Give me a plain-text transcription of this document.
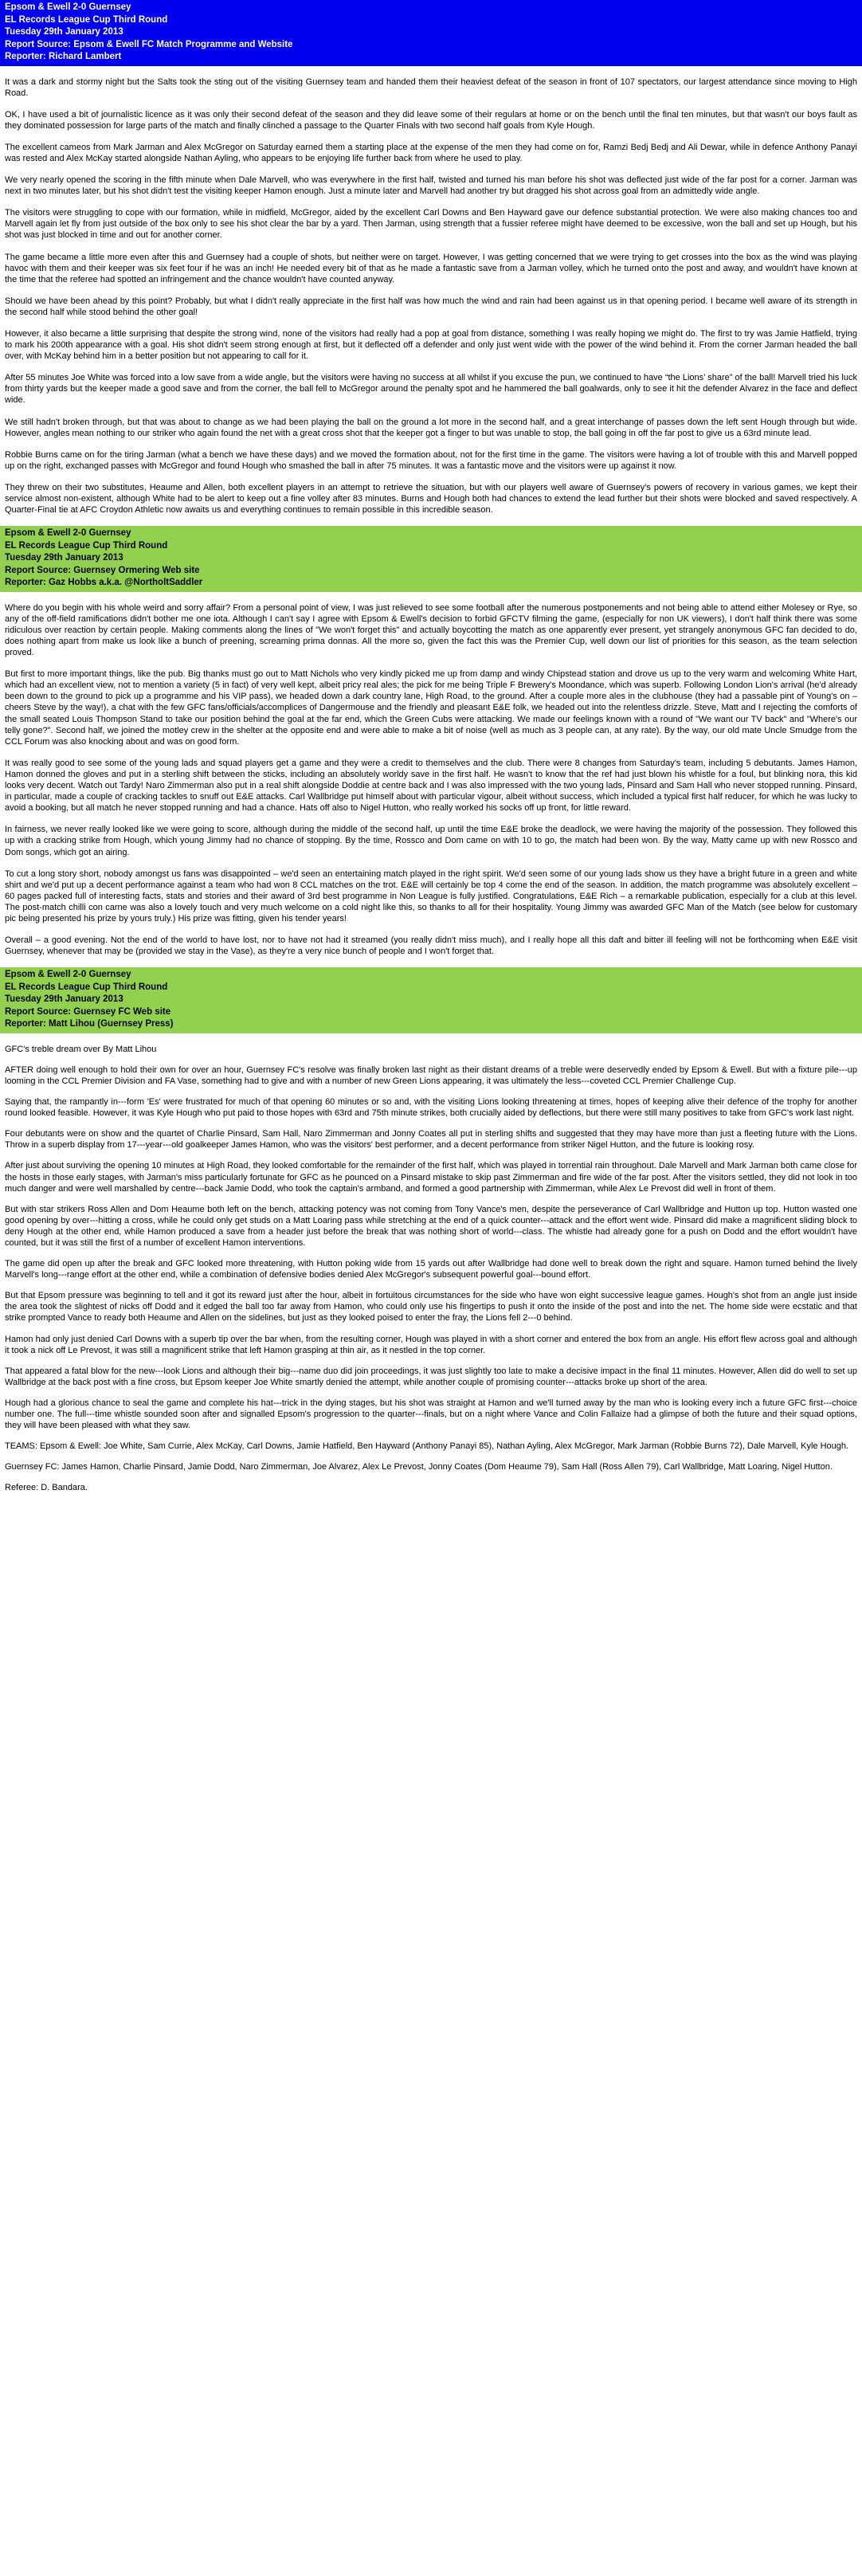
Epsom & Ewell 2-0 Guernsey
EL Records League Cup Third Round
Tuesday 29th January 2013
Report Source: Epsom & Ewell FC Match Programme and Website
Reporter: Richard Lambert

It was a dark and stormy night but the Salts took the sting out of the visiting Guernsey team and handed them their heaviest defeat of the season in front of 107 spectators, our largest attendance since moving to High Road.

OK, I have used a bit of journalistic licence as it was only their second defeat of the season and they did leave some of their regulars at home or on the bench until the final ten minutes, but that wasn't our boys fault as they dominated possession for large parts of the match and finally clinched a passage to the Quarter Finals with two second half goals from Kyle Hough.

The excellent cameos from Mark Jarman and Alex McGregor on Saturday earned them a starting place at the expense of the men they had come on for, Ramzi Bedj Bedj and Ali Dewar, while in defence Anthony Panayi was rested and Alex McKay started alongside Nathan Ayling, who appears to be enjoying life further back from where he used to play.

We very nearly opened the scoring in the fifth minute when Dale Marvell, who was everywhere in the first half, twisted and turned his man before his shot was deflected just wide of the far post for a corner. Jarman was next in two minutes later, but his shot didn't test the visiting keeper Hamon enough. Just a minute later and Marvell had another try but dragged his shot across goal from an admittedly wide angle.

The visitors were struggling to cope with our formation, while in midfield, McGregor, aided by the excellent Carl Downs and Ben Hayward gave our defence substantial protection. We were also making chances too and Marvell again let fly from just outside of the box only to see his shot clear the bar by a yard. Then Jarman, using strength that a fussier referee might have deemed to be excessive, won the ball and set up Hough, but his shot was just blocked in time and out for another corner.

The game became a little more even after this and Guernsey had a couple of shots, but neither were on target. However, I was getting concerned that we were trying to get crosses into the box as the wind was playing havoc with them and their keeper was six feet four if he was an inch! He needed every bit of that as he made a fantastic save from a Jarman volley, which he turned onto the post and away, and wouldn't have known at the time that the referee had spotted an infringement and the chance wouldn't have counted anyway.

Should we have been ahead by this point? Probably, but what I didn't really appreciate in the first half was how much the wind and rain had been against us in that opening period. I became well aware of its strength in the second half while stood behind the other goal!

However, it also became a little surprising that despite the strong wind, none of the visitors had really had a pop at goal from distance, something I was really hoping we might do. The first to try was Jamie Hatfield, trying to mark his 200th appearance with a goal. His shot didn't seem strong enough at first, but it deflected off a defender and only just went wide with the power of the wind behind it. From the corner Jarman headed the ball over, with McKay behind him in a better position but not appearing to call for it.

After 55 minutes Joe White was forced into a low save from a wide angle, but the visitors were having no success at all whilst if you excuse the pun, we continued to have “the Lions’ share” of the ball! Marvell tried his luck from thirty yards but the keeper made a good save and from the corner, the ball fell to McGregor around the penalty spot and he hammered the ball goalwards, only to see it hit the defender Alvarez in the face and deflect wide.

We still hadn't broken through, but that was about to change as we had been playing the ball on the ground a lot more in the second half, and a great interchange of passes down the left sent Hough through but wide. However, angles mean nothing to our striker who again found the net with a great cross shot that the keeper got a finger to but was unable to stop, the ball going in off the far post to give us a 63rd minute lead.

Robbie Burns came on for the tiring Jarman (what a bench we have these days) and we moved the formation about, not for the first time in the game. The visitors were having a lot of trouble with this and Marvell popped up on the right, exchanged passes with McGregor and found Hough who smashed the ball in after 75 minutes. It was a fantastic move and the visitors were up against it now.

They threw on their two substitutes, Heaume and Allen, both excellent players in an attempt to retrieve the situation, but with our players well aware of Guernsey's powers of recovery in various games, we kept their service almost non-existent, although White had to be alert to keep out a fine volley after 83 minutes. Burns and Hough both had chances to extend the lead further but their shots were blocked and saved respectively. A Quarter-Final tie at AFC Croydon Athletic now awaits us and everything continues to remain possible in this incredible season.

Epsom & Ewell 2-0 Guernsey
EL Records League Cup Third Round
Tuesday 29th January 2013
Report Source: Guernsey Ormering Web site
Reporter: Gaz Hobbs a.k.a. @NortholtSaddler

Where do you begin with his whole weird and sorry affair? From a personal point of view, I was just relieved to see some football after the numerous postponements and not being able to attend either Molesey or Rye, so any of the off-field ramifications didn't bother me one iota. Although I can't say I agree with Epsom & Ewell's decision to forbid GFCTV filming the game, (especially for non UK viewers), I don't half think there was some ridiculous over reaction by certain people. Making comments along the lines of "We won't forget this" and actually boycotting the match as one apparently ever present, yet strangely anonymous GFC fan decided to do, does nothing apart from make us look like a bunch of preening, screaming prima donnas. All the more so, given the fact this was the Premier Cup, well down our list of priorities for this season, as the team selection proved.

But first to more important things, like the pub. Big thanks must go out to Matt Nichols who very kindly picked me up from damp and windy Chipstead station and drove us up to the very warm and welcoming White Hart, which had an excellent view, not to mention a variety (5 in fact) of very well kept, albeit pricy real ales; the pick for me being Triple F Brewery's Moondance, which was superb. Following London Lion's arrival (he'd already been down to the ground to pick up a programme and his VIP pass), we headed down a dark country lane, High Road, to the ground. After a couple more ales in the clubhouse (they had a passable pint of Young's on – cheers Steve by the way!), a chat with the few GFC fans/officials/accomplices of Dangermouse and the friendly and pleasant E&E folk, we headed out into the relentless drizzle. Steve, Matt and I rejecting the comforts of the small seated Louis Thompson Stand to take our position behind the goal at the far end, which the Green Cubs were attacking. We made our feelings known with a round of "We want our TV back" and "Where's our telly gone?". Second half, we joined the motley crew in the shelter at the opposite end and were able to make a bit of noise (well as much as 3 people can, at any rate). By the way, our old mate Uncle Smudge from the CCL Forum was also knocking about and was on good form.

It was really good to see some of the young lads and squad players get a game and they were a credit to themselves and the club. There were 8 changes from Saturday's team, including 5 debutants. James Hamon, Hamon donned the gloves and put in a sterling shift between the sticks, including an absolutely worldy save in the first half. He wasn't to know that the ref had just blown his whistle for a foul, but blinking nora, this kid looks very decent. Watch out Tardy! Naro Zimmerman also put in a real shift alongside Doddie at centre back and I was also impressed with the two young lads, Pinsard and Sam Hall who never stopped running. Pinsard, in particular, made a couple of cracking tackles to snuff out E&E attacks. Carl Wallbridge put himself about with particular vigour, albeit without success, which included a typical first half reducer, for which he was lucky to avoid a booking, but all match he never stopped running and had a chance. Hats off also to Nigel Hutton, who really worked his socks off up front, for little reward.

In fairness, we never really looked like we were going to score, although during the middle of the second half, up until the time E&E broke the deadlock, we were having the majority of the possession. They followed this up with a cracking strike from Hough, which young Jimmy had no chance of stopping. By the time, Rossco and Dom came on with 10 to go, the match had been won. By the way, Matty came up with new Rossco and Dom songs, which got an airing.

To cut a long story short, nobody amongst us fans was disappointed – we'd seen an entertaining match played in the right spirit. We'd seen some of our young lads show us they have a bright future in a green and white shirt and we'd put up a decent performance against a team who had won 8 CCL matches on the trot. E&E will certainly be top 4 come the end of the season. In addition, the match programme was absolutely excellent – 60 pages packed full of interesting facts, stats and stories and their award of 3rd best programme in Non League is fully justified. Congratulations, E&E Rich – a remarkable publication, especially for a club at this level. The post-match chilli con carne was also a lovely touch and very much welcome on a cold night like this, so thanks to all for their hospitality. Young Jimmy was awarded GFC Man of the Match (see below for customary pic being presented his prize by yours truly.) His prize was fitting, given his tender years!

Overall – a good evening. Not the end of the world to have lost, nor to have not had it streamed (you really didn't miss much), and I really hope all this daft and bitter ill feeling will not be forthcoming when E&E visit Guernsey, whenever that may be (provided we stay in the Vase), as they're a very nice bunch of people and I won't forget that.

Epsom & Ewell 2-0 Guernsey
EL Records League Cup Third Round
Tuesday 29th January 2013
Report Source: Guernsey FC Web site
Reporter: Matt Lihou (Guernsey Press)

GFC's treble dream over By Matt Lihou

AFTER doing well enough to hold their own for over an hour, Guernsey FC's resolve was finally broken last night as their distant dreams of a treble were deservedly ended by Epsom & Ewell. But with a fixture pile---up looming in the CCL Premier Division and FA Vase, something had to give and with a number of new Green Lions appearing, it was ultimately the less---coveted CCL Premier Challenge Cup.

Saying that, the rampantly in---form 'Es' were frustrated for much of that opening 60 minutes or so and, with the visiting Lions looking threatening at times, hopes of keeping alive their defence of the trophy for another round looked feasible. However, it was Kyle Hough who put paid to those hopes with 63rd and 75th minute strikes, both crucially aided by deflections, but there were still many positives to take from GFC's work last night.

Four debutants were on show and the quartet of Charlie Pinsard, Sam Hall, Naro Zimmerman and Jonny Coates all put in sterling shifts and suggested that they may have more than just a fleeting future with the Lions. Throw in a superb display from 17---year---old goalkeeper James Hamon, who was the visitors' best performer, and a decent performance from striker Nigel Hutton, and the future is looking rosy.

After just about surviving the opening 10 minutes at High Road, they looked comfortable for the remainder of the first half, which was played in torrential rain throughout. Dale Marvell and Mark Jarman both came close for the hosts in those early stages, with Jarman's miss particularly fortunate for GFC as he pounced on a Pinsard mistake to skip past Zimmerman and fire wide of the far post. After the visitors settled, they did not look in too much danger and were well marshalled by centre---back Jamie Dodd, who took the captain's armband, and formed a good partnership with Zimmerman, while Alex Le Prevost did well in front of them.

But with star strikers Ross Allen and Dom Heaume both left on the bench, attacking potency was not coming from Tony Vance's men, despite the perseverance of Carl Wallbridge and Hutton up top. Hutton wasted one good opening by over---hitting a cross, while he could only get studs on a Matt Loaring pass while stretching at the end of a quick counter---attack and the effort went wide. Pinsard did make a magnificent sliding block to deny Hough at the other end, while Hamon produced a save from a header just before the break that was nothing short of world---class. The whistle had already gone for a push on Dodd and the effort wouldn't have counted, but it was still the first of a number of excellent Hamon interventions.

The game did open up after the break and GFC looked more threatening, with Hutton poking wide from 15 yards out after Wallbridge had done well to break down the right and square. Hamon turned behind the lively Marvell's long---range effort at the other end, while a combination of defensive bodies denied Alex McGregor's subsequent powerful goal---bound effort.

But that Epsom pressure was beginning to tell and it got its reward just after the hour, albeit in fortuitous circumstances for the side who have won eight successive league games. Hough's shot from an angle just inside the area took the slightest of nicks off Dodd and it edged the ball too far away from Hamon, who could only use his fingertips to push it onto the inside of the post and into the net. The home side were ecstatic and that strike prompted Vance to ready both Heaume and Allen on the sidelines, but just as they looked poised to enter the fray, the Lions fell 2---0 behind.

Hamon had only just denied Carl Downs with a superb tip over the bar when, from the resulting corner, Hough was played in with a short corner and entered the box from an angle. His effort flew across goal and although it took a nick off Le Prevost, it was still a magnificent strike that left Hamon grasping at thin air, as it nestled in the top corner.

That appeared a fatal blow for the new---look Lions and although their big---name duo did join proceedings, it was just slightly too late to make a decisive impact in the final 11 minutes. However, Allen did do well to set up Wallbridge at the back post with a fine cross, but Epsom keeper Joe White smartly denied the attempt, while another couple of promising counter---attacks broke up short of the area.

Hough had a glorious chance to seal the game and complete his hat---trick in the dying stages, but his shot was straight at Hamon and we'll turned away by the man who is looking every inch a future GFC first---choice number one. The full---time whistle sounded soon after and signalled Epsom's progression to the quarter---finals, but on a night where Vance and Colin Fallaize had a glimpse of both the future and their squad options, they will have been pleased with what they saw.

TEAMS: Epsom & Ewell: Joe White, Sam Currie, Alex McKay, Carl Downs, Jamie Hatfield, Ben Hayward (Anthony Panayi 85), Nathan Ayling, Alex McGregor, Mark Jarman (Robbie Burns 72), Dale Marvell, Kyle Hough.

Guernsey FC: James Hamon, Charlie Pinsard, Jamie Dodd, Naro Zimmerman, Joe Alvarez, Alex Le Prevost, Jonny Coates (Dom Heaume 79), Sam Hall (Ross Allen 79), Carl Wallbridge, Matt Loaring, Nigel Hutton.

Referee: D. Bandara.
